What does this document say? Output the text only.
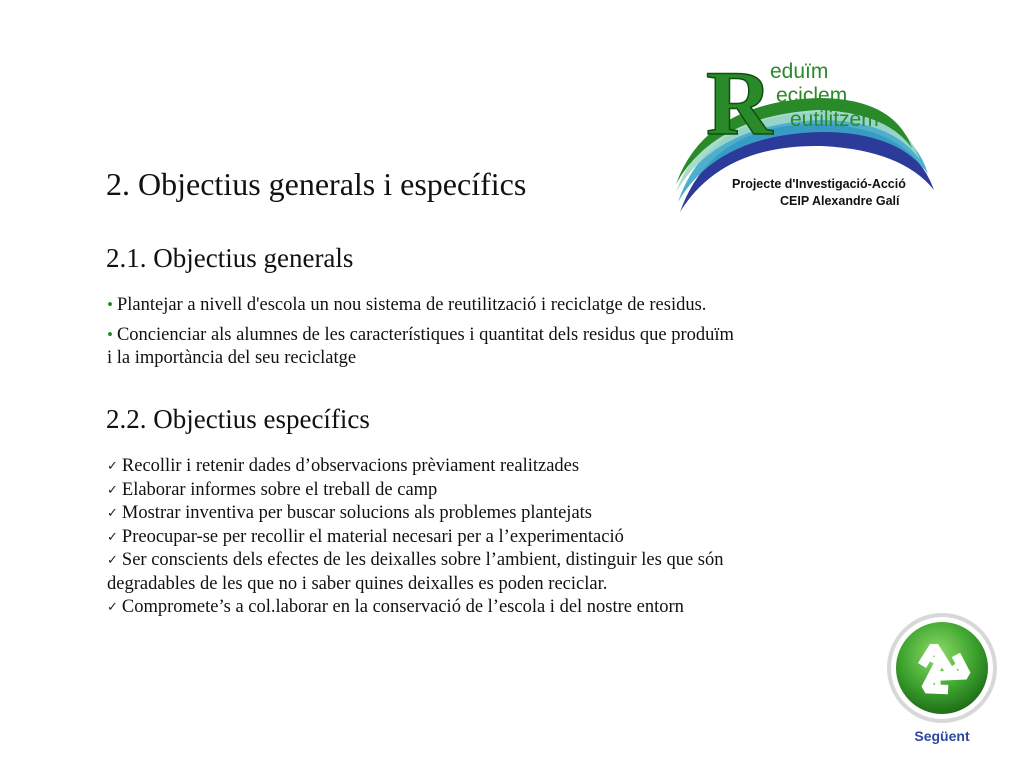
R
eduïm
eciclem
eutilitzem
Projecte d'Investigació-Acció
CEIP Alexandre Galí
2. Objectius generals i específics
2.1. Objectius generals
• Plantejar a nivell d'escola un nou sistema de reutilització i reciclatge de residus.
• Concienciar als alumnes de les característiques i quantitat dels residus que produïm
i la importància del seu reciclatge
2.2. Objectius específics
✓ Recollir i retenir dades d’observacions prèviament realitzades
✓ Elaborar informes sobre el treball de camp
✓ Mostrar inventiva per buscar solucions als problemes plantejats
✓ Preocupar-se per recollir el material necesari per a l’experimentació
✓ Ser conscients dels efectes de les deixalles sobre l’ambient, distinguir les que són
degradables de les que no i saber quines deixalles es poden reciclar.
✓ Compromete’s a col.laborar en la conservació de l’escola i del nostre entorn
Següent
